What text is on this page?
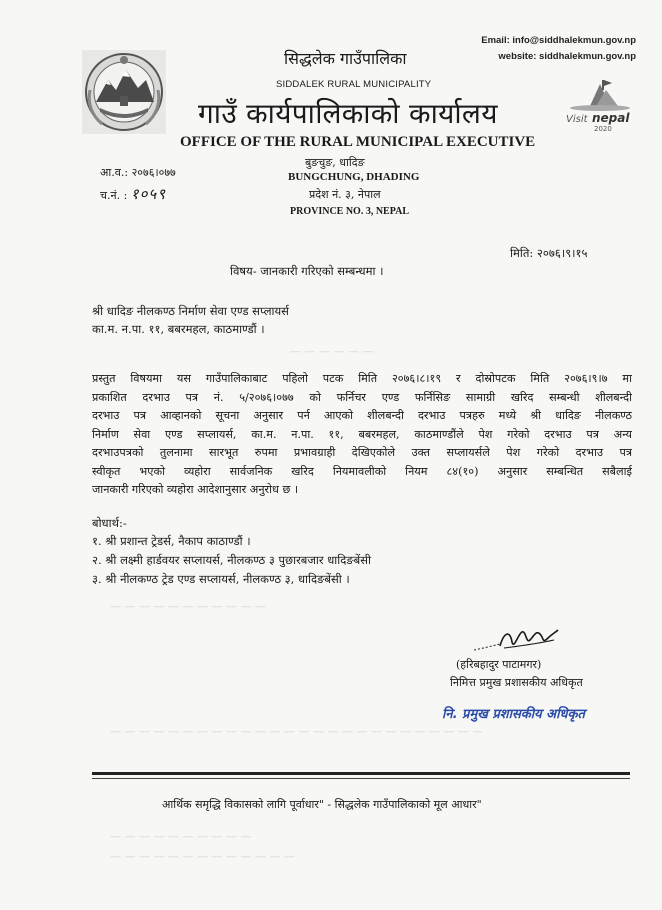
— — — — — —
— — — — — — — — — — —
— — — — — — — — — — — — — — — — — — — — — — — — — —
— — — — — — — — — —
— — — — — — — — — — — — —
Email: info@siddhalekmun.gov.np
website: siddhalekmun.gov.np
Visit nepal
2020
सिद्धलेक गाउँपालिका
SIDDALEK RURAL MUNICIPALITY
गाउँ कार्यपालिकाको कार्यालय
OFFICE OF THE RURAL MUNICIPAL EXECUTIVE
बुङचुङ, धादिङ
BUNGCHUNG, DHADING
प्रदेश नं. ३, नेपाल
PROVINCE NO. 3, NEPAL
आ.व.: २०७६।०७७
च.नं. : १०५९
मिति: २०७६।९।१५
विषय- जानकारी गरिएको सम्बन्धमा ।
श्री धादिङ नीलकण्ठ निर्माण सेवा एण्ड सप्लायर्स
का.म. न.पा. ११, बबरमहल, काठमाण्डौं ।
प्रस्तुत विषयमा यस गाउँपालिकाबाट पहिलो पटक मिति २०७६।८।१९ र दोस्रोपटक मिति २०७६।९।७ मा
प्रकाशित दरभाउ पत्र नं. ५/२०७६।०७७ को फर्निचर एण्ड फर्निसिङ सामाग्री खरिद सम्बन्धी शीलबन्दी
दरभाउ पत्र आव्हानको सूचना अनुसार पर्न आएको शीलबन्दी दरभाउ पत्रहरु मध्ये श्री धादिङ नीलकण्ठ
निर्माण सेवा एण्ड सप्लायर्स, का.म. न.पा. ११, बबरमहल, काठमाण्डौंले पेश गरेको दरभाउ पत्र अन्य
दरभाउपत्रको तुलनामा सारभूत रुपमा प्रभावग्राही देखिएकोले उक्त सप्लायर्सले पेश गरेको दरभाउ पत्र
स्वीकृत भएको व्यहोरा सार्वजनिक खरिद नियमावलीको नियम ८४(१०) अनुसार सम्बन्धित सबैलाई
जानकारी गरिएको व्यहोरा आदेशानुसार अनुरोध छ ।
बोधार्थ:-
१. श्री प्रशान्त ट्रेडर्स, नैकाप काठाण्डौं ।
२. श्री लक्ष्मी हार्डवयर सप्लायर्स, नीलकण्ठ ३ पुछारबजार धादिङबेंसी
३. श्री नीलकण्ठ ट्रेड एण्ड सप्लायर्स, नीलकण्ठ ३, धादिङबेंसी ।
(हरिबहादुर पाटामगर)
निमित्त प्रमुख प्रशासकीय अधिकृत
नि. प्रमुख प्रशासकीय अधिकृत
आर्थिक समृद्धि विकासको लागि पूर्वाधार" - सिद्धलेक गाउँपालिकाको मूल आधार"
